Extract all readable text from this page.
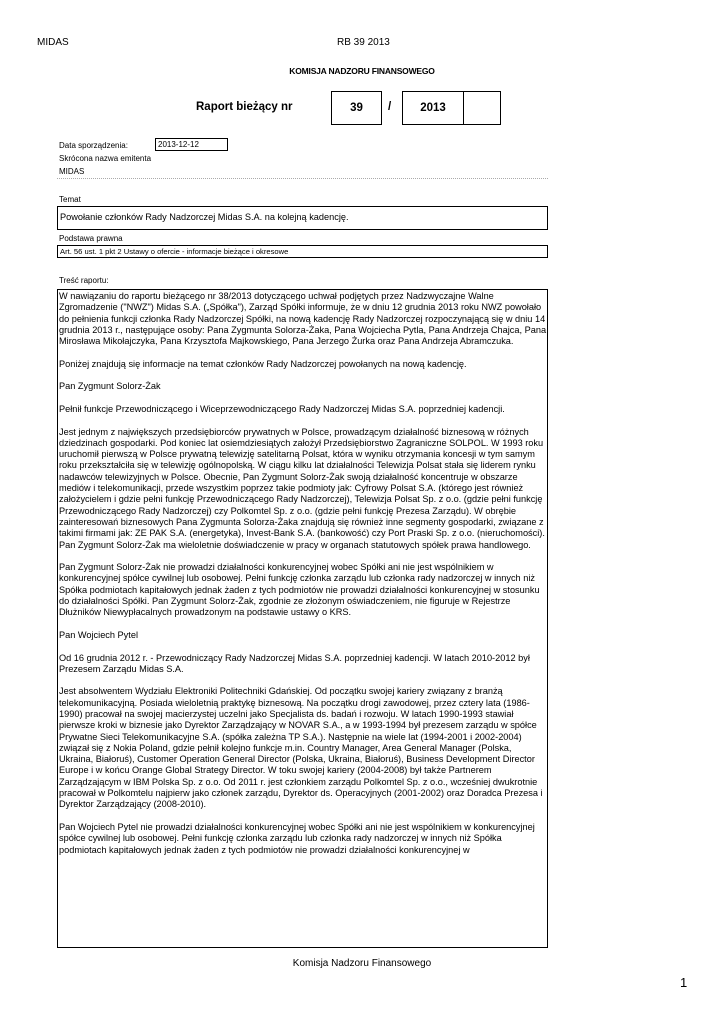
MIDAS	RB 39 2013
KOMISJA NADZORU FINANSOWEGO
Raport bieżący nr	39	/	2013
Data sporządzenia:	2013-12-12
Skrócona nazwa emitenta
MIDAS
Temat
Powołanie członków Rady Nadzorczej Midas S.A. na kolejną kadencję.
Podstawa prawna
Art. 56 ust. 1 pkt 2 Ustawy o ofercie - informacje bieżące i okresowe
Treść raportu:

W nawiązaniu do raportu bieżącego nr 38/2013 dotyczącego uchwał podjętych przez Nadzwyczajne Walne Zgromadzenie ("NWZ") Midas S.A. („Spółka"), Zarząd Spółki informuje, że w dniu 12 grudnia 2013 roku NWZ powołało do pełnienia funkcji członka Rady Nadzorczej Spółki, na nową kadencję Rady Nadzorczej rozpoczynającą się w dniu 14 grudnia 2013 r., następujące osoby: Pana Zygmunta Solorza-Żaka, Pana Wojciecha Pytla, Pana Andrzeja Chajca, Pana Mirosława Mikołajczyka, Pana Krzysztofa Majkowskiego, Pana Jerzego Żurka oraz Pana Andrzeja Abramczuka.

Poniżej znajdują się informacje na temat członków Rady Nadzorczej powołanych na nową kadencję.

Pan Zygmunt Solorz-Żak

Pełnił funkcje Przewodniczącego i Wiceprzewodniczącego Rady Nadzorczej Midas S.A. poprzedniej kadencji.

Jest jednym z największych przedsiębiorców prywatnych w Polsce, prowadzącym działalność biznesową w różnych dziedzinach gospodarki. Pod koniec lat osiemdziesiątych założył Przedsiębiorstwo Zagraniczne SOLPOL. W 1993 roku uruchomił pierwszą w Polsce prywatną telewizję satelitarną Polsat, która w wyniku otrzymania koncesji w tym samym roku przekształciła się w telewizję ogólnopolską. W ciągu kilku lat działalności Telewizja Polsat stała się liderem rynku nadawców telewizyjnych w Polsce. Obecnie, Pan Zygmunt Solorz-Żak swoją działalność koncentruje w obszarze mediów i telekomunikacji, przede wszystkim poprzez takie podmioty jak: Cyfrowy Polsat S.A. (którego jest również założycielem i gdzie pełni funkcję Przewodniczącego Rady Nadzorczej), Telewizja Polsat Sp. z o.o. (gdzie pełni funkcję Przewodniczącego Rady Nadzorczej) czy Polkomtel Sp. z o.o. (gdzie pełni funkcję Prezesa Zarządu). W obrębie zainteresowań biznesowych Pana Zygmunta Solorza-Żaka znajdują się również inne segmenty gospodarki, związane z takimi firmami jak: ZE PAK S.A. (energetyka), Invest-Bank S.A. (bankowość) czy Port Praski Sp. z o.o. (nieruchomości). Pan Zygmunt Solorz-Żak ma wieloletnie doświadczenie w pracy w organach statutowych spółek prawa handlowego.

Pan Zygmunt Solorz-Żak nie prowadzi działalności konkurencyjnej wobec Spółki ani nie jest wspólnikiem w konkurencyjnej spółce cywilnej lub osobowej. Pełni funkcję członka zarządu lub członka rady nadzorczej w innych niż Spółka podmiotach kapitałowych jednak żaden z tych podmiotów nie prowadzi działalności konkurencyjnej w stosunku do działalności Spółki. Pan Zygmunt Solorz-Żak, zgodnie ze złożonym oświadczeniem, nie figuruje w Rejestrze Dłużników Niewypłacalnych prowadzonym na podstawie ustawy o KRS.

Pan Wojciech Pytel

Od 16 grudnia 2012 r. - Przewodniczący Rady Nadzorczej Midas S.A. poprzedniej kadencji. W latach 2010-2012 był Prezesem Zarządu Midas S.A.

Jest absolwentem Wydziału Elektroniki Politechniki Gdańskiej. Od początku swojej kariery związany z branżą telekomunikacyjną. Posiada wieloletnią praktykę biznesową. Na początku drogi zawodowej, przez cztery lata (1986-1990) pracował na swojej macierzystej uczelni jako Specjalista ds. badań i rozwoju. W latach 1990-1993 stawiał pierwsze kroki w biznesie jako Dyrektor Zarządzający w NOVAR S.A., a w 1993-1994 był prezesem zarządu w spółce Prywatne Sieci Telekomunikacyjne S.A. (spółka zależna TP S.A.). Następnie na wiele lat (1994-2001 i 2002-2004) związał się z Nokia Poland, gdzie pełnił kolejno funkcje m.in. Country Manager, Area General Manager (Polska, Ukraina, Białoruś), Customer Operation General Director (Polska, Ukraina, Białoruś), Business Development Director Europe i w końcu Orange Global Strategy Director. W toku swojej kariery (2004-2008) był także Partnerem Zarządzającym w IBM Polska Sp. z o.o. Od 2011 r. jest członkiem zarządu Polkomtel Sp. z o.o., wcześniej dwukrotnie pracował w Polkomtelu najpierw jako członek zarządu, Dyrektor ds. Operacyjnych (2001-2002) oraz Doradca Prezesa i Dyrektor Zarządzający (2008-2010).

Pan Wojciech Pytel nie prowadzi działalności konkurencyjnej wobec Spółki ani nie jest wspólnikiem w konkurencyjnej spółce cywilnej lub osobowej. Pełni funkcję członka zarządu lub członka rady nadzorczej w innych niż Spółka podmiotach kapitałowych jednak żaden z tych podmiotów nie prowadzi działalności konkurencyjnej w

Komisja Nadzoru Finansowego
1
